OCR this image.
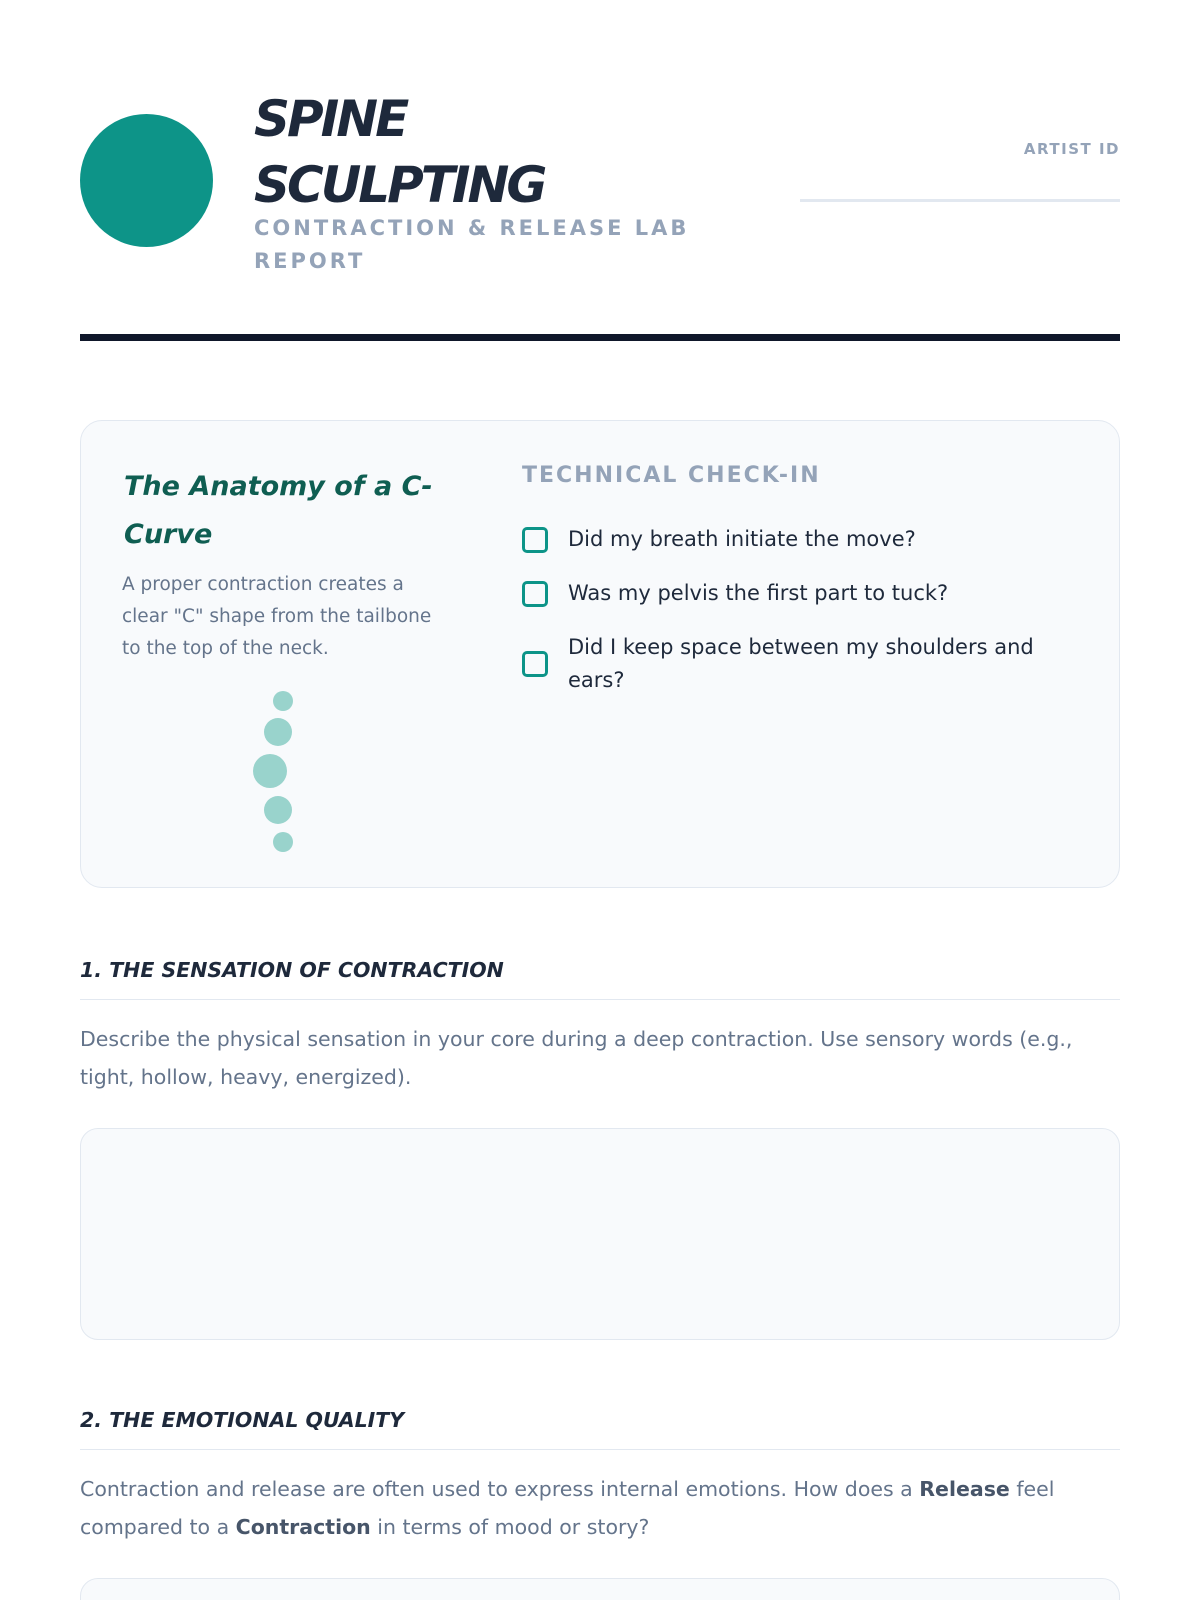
SPINE
SCULPTING
CONTRACTION & RELEASE LAB REPORT
ARTIST ID
The Anatomy of a C-Curve

A proper contraction creates a clear "C" shape from the tailbone to the top of the neck.

TECHNICAL CHECK-IN
Did my breath initiate the move?
Was my pelvis the first part to tuck?
Did I keep space between my shoulders and ears?
1. THE SENSATION OF CONTRACTION

Describe the physical sensation in your core during a deep contraction. Use sensory words (e.g., tight, hollow, heavy, energized).

2. THE EMOTIONAL QUALITY

Contraction and release are often used to express internal emotions. How does a Release feel compared to a Contraction in terms of mood or story?
